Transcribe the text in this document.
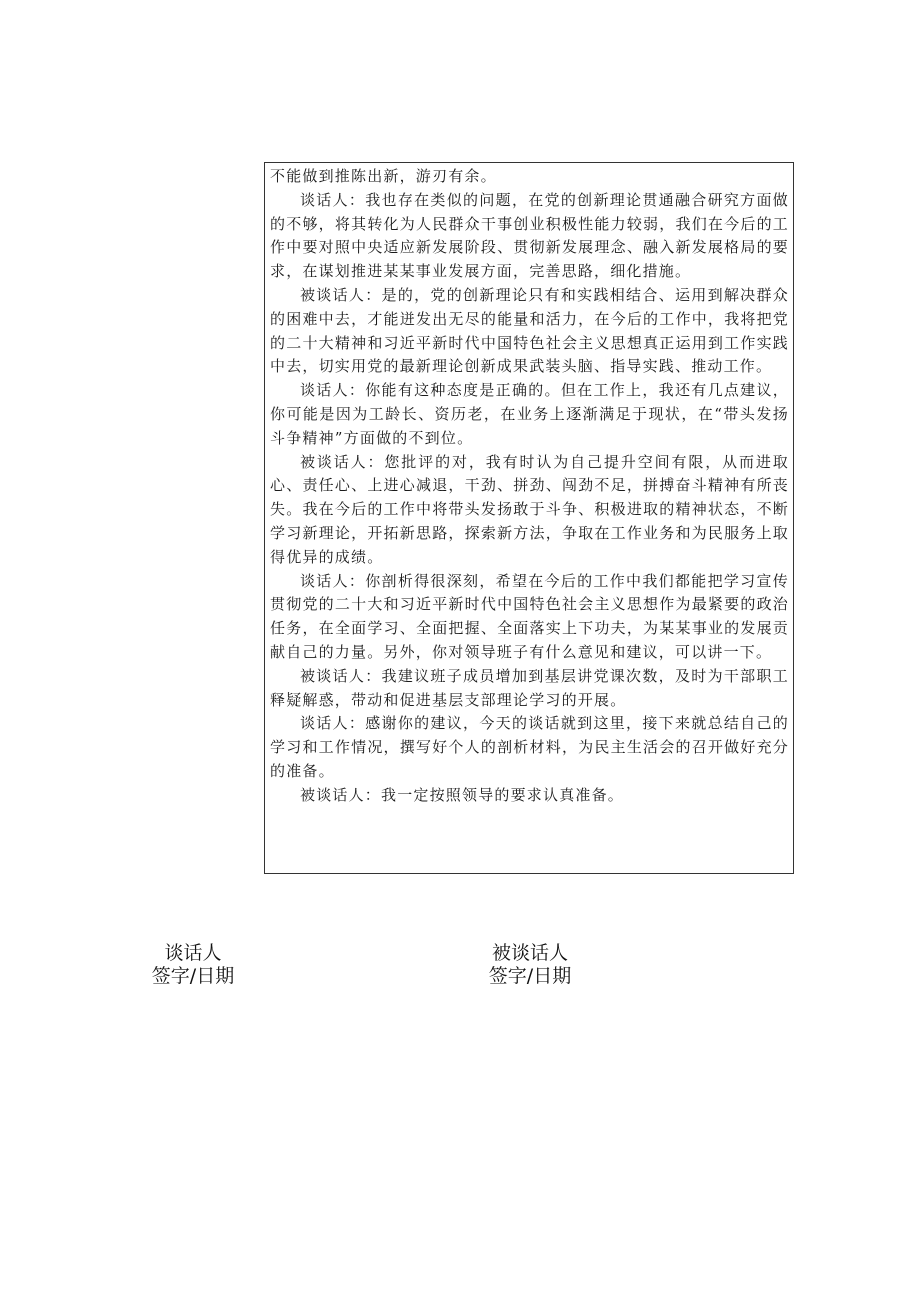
不能做到推陈出新，游刃有余。

谈话人：我也存在类似的问题，在党的创新理论贯通融合研究方面做的不够，将其转化为人民群众干事创业积极性能力较弱，我们在今后的工作中要对照中央适应新发展阶段、贯彻新发展理念、融入新发展格局的要求，在谋划推进某某事业发展方面，完善思路，细化措施。

被谈话人：是的，党的创新理论只有和实践相结合、运用到解决群众的困难中去，才能迸发出无尽的能量和活力，在今后的工作中，我将把党的二十大精神和习近平新时代中国特色社会主义思想真正运用到工作实践中去，切实用党的最新理论创新成果武装头脑、指导实践、推动工作。

谈话人：你能有这种态度是正确的。但在工作上，我还有几点建议，你可能是因为工龄长、资历老，在业务上逐渐满足于现状，在“带头发扬斗争精神”方面做的不到位。

被谈话人：您批评的对，我有时认为自己提升空间有限，从而进取心、责任心、上进心减退，干劲、拼劲、闯劲不足，拼搏奋斗精神有所丧失。我在今后的工作中将带头发扬敢于斗争、积极进取的精神状态，不断学习新理论，开拓新思路，探索新方法，争取在工作业务和为民服务上取得优异的成绩。

谈话人：你剖析得很深刻，希望在今后的工作中我们都能把学习宣传贯彻党的二十大和习近平新时代中国特色社会主义思想作为最紧要的政治任务，在全面学习、全面把握、全面落实上下功夫，为某某事业的发展贡献自己的力量。另外，你对领导班子有什么意见和建议，可以讲一下。

被谈话人：我建议班子成员增加到基层讲党课次数，及时为干部职工释疑解惑，带动和促进基层支部理论学习的开展。

谈话人：感谢你的建议，今天的谈话就到这里，接下来就总结自己的学习和工作情况，撰写好个人的剖析材料，为民主生活会的召开做好充分的准备。

被谈话人：我一定按照领导的要求认真准备。

谈话人
签字/日期
被谈话人
签字/日期
